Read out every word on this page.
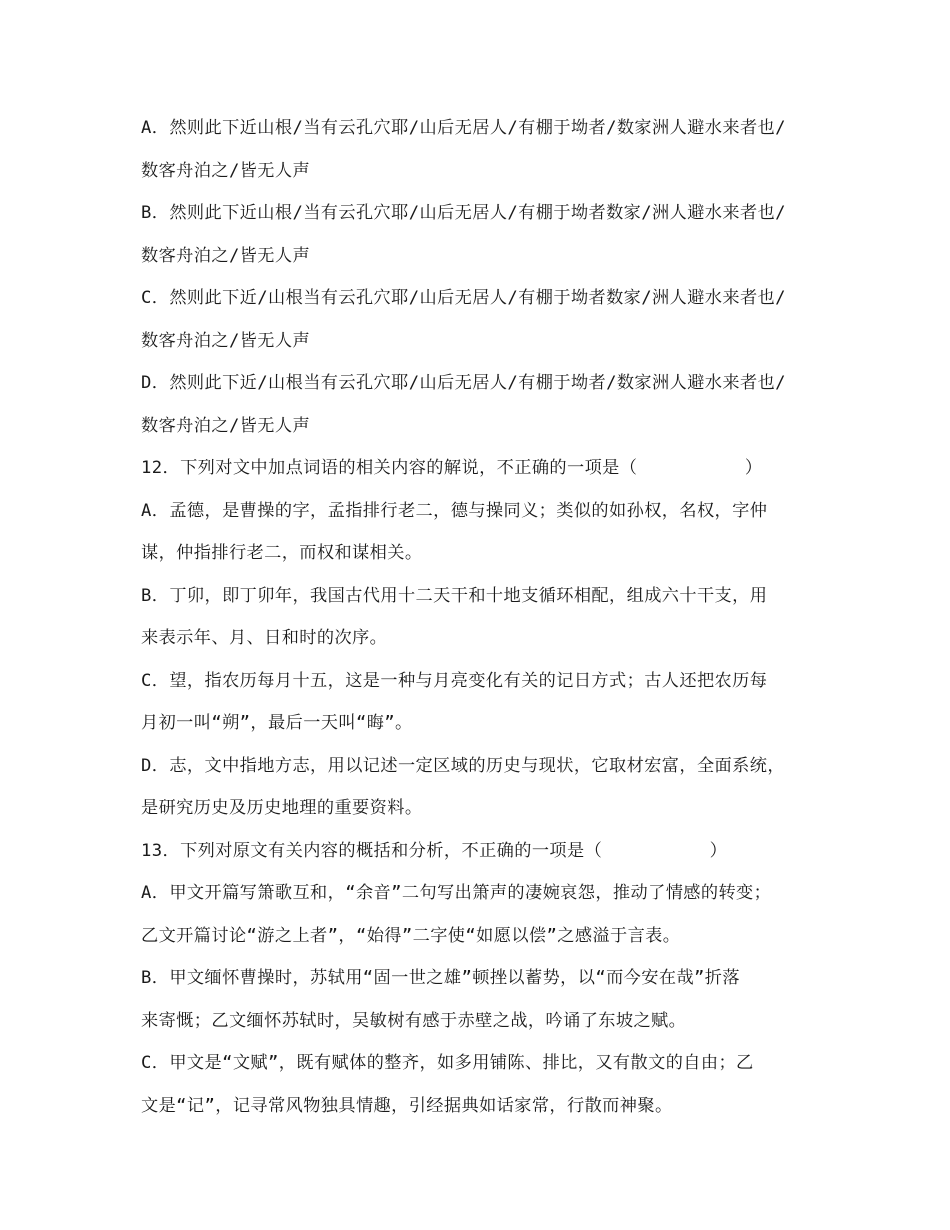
A．然则此下近山根/当有云孔穴耶/山后无居人/有棚于坳者/数家洲人避水来者也/
数客舟泊之/皆无人声
B．然则此下近山根/当有云孔穴耶/山后无居人/有棚于坳者数家/洲人避水来者也/
数客舟泊之/皆无人声
C．然则此下近/山根当有云孔穴耶/山后无居人/有棚于坳者数家/洲人避水来者也/
数客舟泊之/皆无人声
D．然则此下近/山根当有云孔穴耶/山后无居人/有棚于坳者/数家洲人避水来者也/
数客舟泊之/皆无人声
12．下列对文中加点词语的相关内容的解说，不正确的一项是（          ）
A．孟德，是曹操的字，孟指排行老二，德与操同义；类似的如孙权，名权，字仲
谋，仲指排行老二，而权和谋相关。
B．丁卯，即丁卯年，我国古代用十二天干和十地支循环相配，组成六十干支，用
来表示年、月、日和时的次序。
C．望，指农历每月十五，这是一种与月亮变化有关的记日方式；古人还把农历每
月初一叫“朔”，最后一天叫“晦”。
D．志，文中指地方志，用以记述一定区域的历史与现状，它取材宏富，全面系统，
是研究历史及历史地理的重要资料。
13．下列对原文有关内容的概括和分析，不正确的一项是（          ）
A．甲文开篇写箫歌互和，“余音”二句写出箫声的凄婉哀怨，推动了情感的转变；
乙文开篇讨论“游之上者”，“始得”二字使“如愿以偿”之感溢于言表。
B．甲文缅怀曹操时，苏轼用“固一世之雄”顿挫以蓄势，以“而今安在哉”折落
来寄慨；乙文缅怀苏轼时，吴敏树有感于赤壁之战，吟诵了东坡之赋。
C．甲文是“文赋”，既有赋体的整齐，如多用铺陈、排比，又有散文的自由；乙
文是“记”，记寻常风物独具情趣，引经据典如话家常，行散而神聚。
